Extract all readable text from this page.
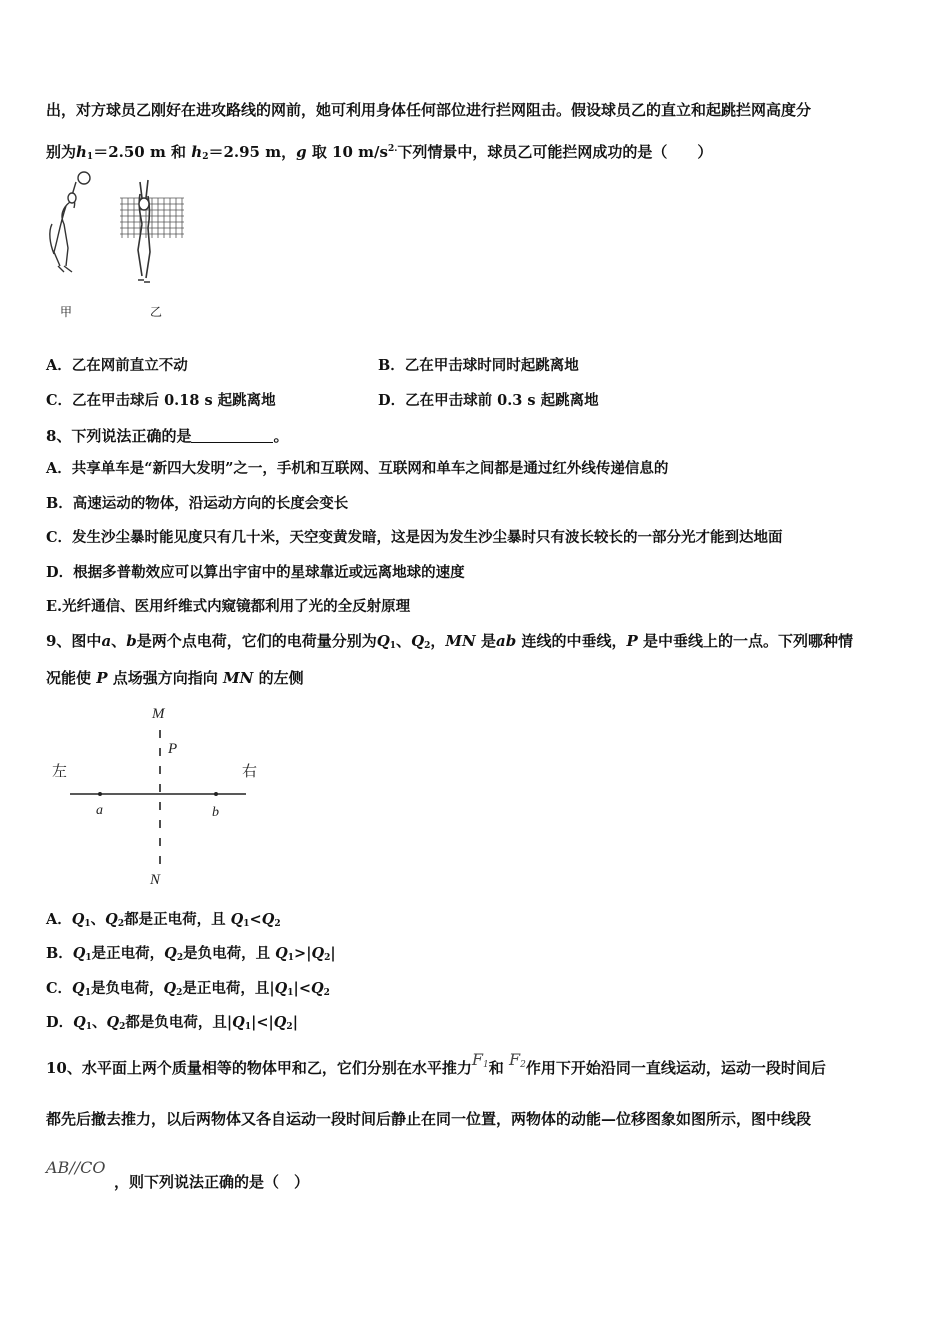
出，对方球员乙刚好在进攻路线的网前，她可利用身体任何部位进行拦网阻击。假设球员乙的直立和起跳拦网高度分
别为$h_1=2.50$ m 和 $h_2=2.95$ m，g 取 10 $m/s^{2.}$下列情景中，球员乙可能拦网成功的是（　　）
甲	乙
A．乙在网前直立不动	B．乙在甲击球时同时起跳离地
C．乙在甲击球后 0.18 s 起跳离地	D．乙在甲击球前 0.3 s 起跳离地
8、下列说法正确的是	。
A．共享单车是“新四大发明”之一，手机和互联网、互联网和单车之间都是通过红外线传递信息的
B．高速运动的物体，沿运动方向的长度会变长
C．发生沙尘暴时能见度只有几十米，天空变黄发暗，这是因为发生沙尘暴时只有波长较长的一部分光才能到达地面
D．根据多普勒效应可以算出宇宙中的星球靠近或远离地球的速度
E.光纤通信、医用纤维式内窥镜都利用了光的全反射原理
9、图中a、b是两个点电荷，它们的电荷量分别为$Q_1$、$Q_2$，MN 是ab 连线的中垂线，P 是中垂线上的一点。下列哪种情
况能使 P 点场强方向指向 MN 的左侧
M
P
左	右
a	b
N
A．$Q_1$、$Q_2$都是正电荷，且 $Q_1<Q_2$
B．$Q_1$是正电荷，$Q_2$是负电荷，且 $Q_1>|Q_2|$
C．$Q_1$是负电荷，$Q_2$是正电荷，且$|Q_1|<Q_2$
D．$Q_1$、$Q_2$都是负电荷，且$|Q_1|<|Q_2|$
10、水平面上两个质量相等的物体甲和乙，它们分别在水平推力$F_1$和 $F_2$作用下开始沿同一直线运动，运动一段时间后
都先后撤去推力，以后两物体又各自运动一段时间后静止在同一位置，两物体的动能—位移图象如图所示，图中线段
AB//CO
，则下列说法正确的是（　）
